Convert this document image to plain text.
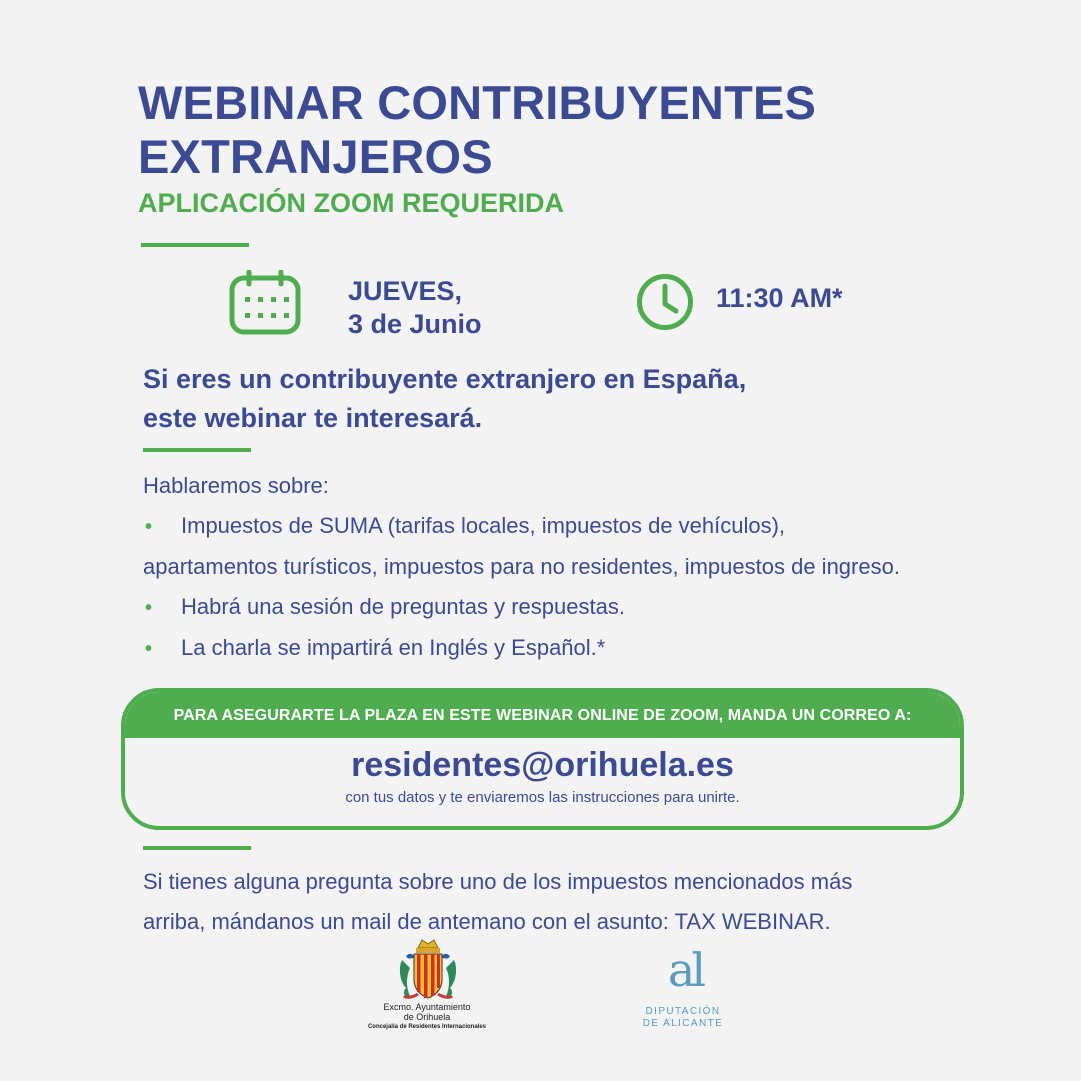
WEBINAR CONTRIBUYENTES
EXTRANJEROS
APLICACIÓN ZOOM REQUERIDA
JUEVES,
3 de Junio
11:30 AM*
Si eres un contribuyente extranjero en España,
este webinar te interesará.
Hablaremos sobre:
• Impuestos de SUMA (tarifas locales, impuestos de vehículos),
apartamentos turísticos, impuestos para no residentes, impuestos de ingreso.
• Habrá una sesión de preguntas y respuestas.
• La charla se impartirá en Inglés y Español.*
PARA ASEGURARTE LA PLAZA EN ESTE WEBINAR ONLINE DE ZOOM, MANDA UN CORREO A:
residentes@orihuela.es
con tus datos y te enviaremos las instrucciones para unirte.
Si tienes alguna pregunta sobre uno de los impuestos mencionados más
arriba, mándanos un mail de antemano con el asunto: TAX WEBINAR.
Excmo. Ayuntamiento
de Orihuela
Concejalía de Residentes Internacionales
al
DIPUTACIÓN
DE ALICANTE
